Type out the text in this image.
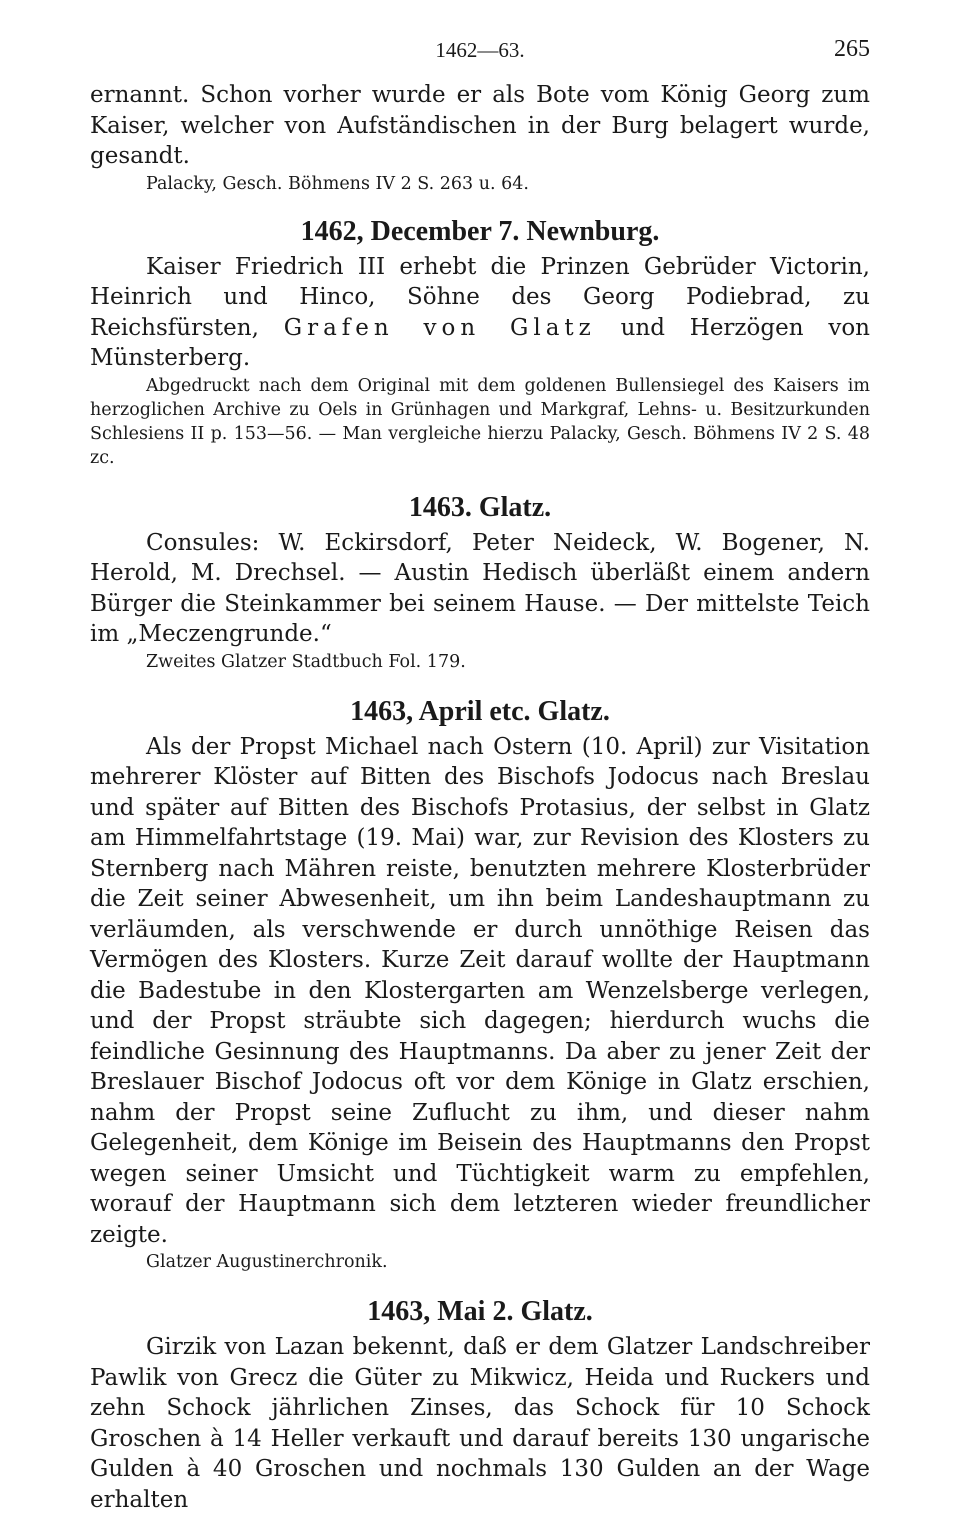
1462—63.	265

ernannt. Schon vorher wurde er als Bote vom König Georg zum

Kaiser, welcher von Aufständischen in der Burg belagert wurde, gesandt.

Palacky, Gesch. Böhmens IV 2 S. 263 u. 64.

1462, December 7. Newnburg.

Kaiser Friedrich III erhebt die Prinzen Gebrüder Victorin, Heinrich und Hinco, Söhne des Georg Podiebrad, zu Reichsfürsten, Grafen von Glatz und Herzögen von Münsterberg.

Abgedruckt nach dem Original mit dem goldenen Bullensiegel des Kaisers im herzoglichen Archive zu Oels in Grünhagen und Markgraf, Lehns- u. Besitzurkunden Schlesiens II p. 153—56. — Man vergleiche hierzu Palacky, Gesch. Böhmens IV 2 S. 48 zc.

1463. Glatz.

Consules: W. Eckirsdorf, Peter Neideck, W. Bogener, N. Herold, M. Drechsel. — Austin Hedisch überläßt einem andern Bürger die Steinkammer bei seinem Hause. — Der mittelste Teich im „Meczengrunde.“

Zweites Glatzer Stadtbuch Fol. 179.

1463, April etc. Glatz.

Als der Propst Michael nach Ostern (10. April) zur Visitation mehrerer Klöster auf Bitten des Bischofs Jodocus nach Breslau und später auf Bitten des Bischofs Protasius, der selbst in Glatz am Himmelfahrtstage (19. Mai) war, zur Revision des Klosters zu Sternberg nach Mähren reiste, benutzten mehrere Klosterbrüder die Zeit seiner Abwesenheit, um ihn beim Landeshauptmann zu verläumden, als verschwende er durch unnöthige Reisen das Vermögen des Klosters. Kurze Zeit darauf wollte der Hauptmann die Badestube in den Klostergarten am Wenzelsberge verlegen, und der Propst sträubte sich dagegen; hierdurch wuchs die feindliche Gesinnung des Hauptmanns. Da aber zu jener Zeit der Breslauer Bischof Jodocus oft vor dem Könige in Glatz erschien, nahm der Propst seine Zuflucht zu ihm, und dieser nahm Gelegenheit, dem Könige im Beisein des Hauptmanns den Propst wegen seiner Umsicht und Tüchtigkeit warm zu empfehlen, worauf der Hauptmann sich dem letzteren wieder freundlicher zeigte.

Glatzer Augustinerchronik.

1463, Mai 2. Glatz.

Girzik von Lazan bekennt, daß er dem Glatzer Landschreiber Pawlik von Grecz die Güter zu Mikwicz, Heida und Ruckers und zehn Schock jährlichen Zinses, das Schock für 10 Schock Groschen à 14 Heller verkauft und darauf bereits 130 ungarische Gulden à 40 Groschen und nochmals 130 Gulden an der Wage erhalten
